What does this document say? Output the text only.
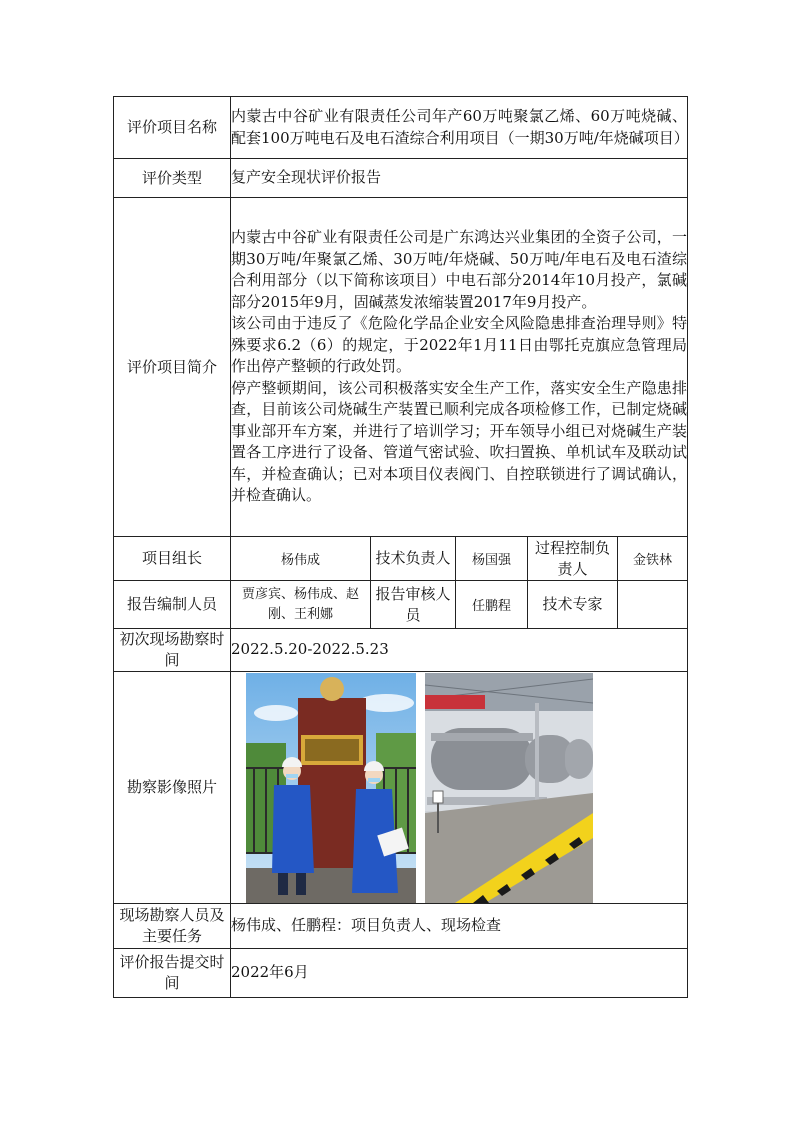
评价项目名称	内蒙古中谷矿业有限责任公司年产60万吨聚氯乙烯、60万吨烧碱、配套100万吨电石及电石渣综合利用项目（一期30万吨/年烧碱项目）				
评价类型	复产安全现状评价报告				
评价项目简介	内蒙古中谷矿业有限责任公司是广东鸿达兴业集团的全资子公司，一期30万吨/年聚氯乙烯、30万吨/年烧碱、50万吨/年电石及电石渣综合利用部分（以下简称该项目）中电石部分2014年10月投产，氯碱部分2015年9月，固碱蒸发浓缩装置2017年9月投产。

该公司由于违反了《危险化学品企业安全风险隐患排查治理导则》特殊要求6.2（6）的规定，于2022年1月11日由鄂托克旗应急管理局作出停产整顿的行政处罚。

停产整顿期间，该公司积极落实安全生产工作，落实安全生产隐患排查，目前该公司烧碱生产装置已顺利完成各项检修工作，已制定烧碱事业部开车方案，并进行了培训学习；开车领导小组已对烧碱生产装置各工序进行了设备、管道气密试验、吹扫置换、单机试车及联动试车，并检查确认；已对本项目仪表阀门、自控联锁进行了调试确认，并检查确认。				

项目组长	杨伟成	技术负责人	杨国强	过程控制负责人	金铁林
报告编制人员	贾彦宾、杨伟成、赵刚、王利娜	报告审核人员	任鹏程	技术专家	
初次现场勘察时间	2022.5.20-2022.5.23				
勘察影像照片	

现场勘察人员及主要任务	杨伟成、任鹏程：项目负责人、现场检查				
评价报告提交时间	2022年6月				
